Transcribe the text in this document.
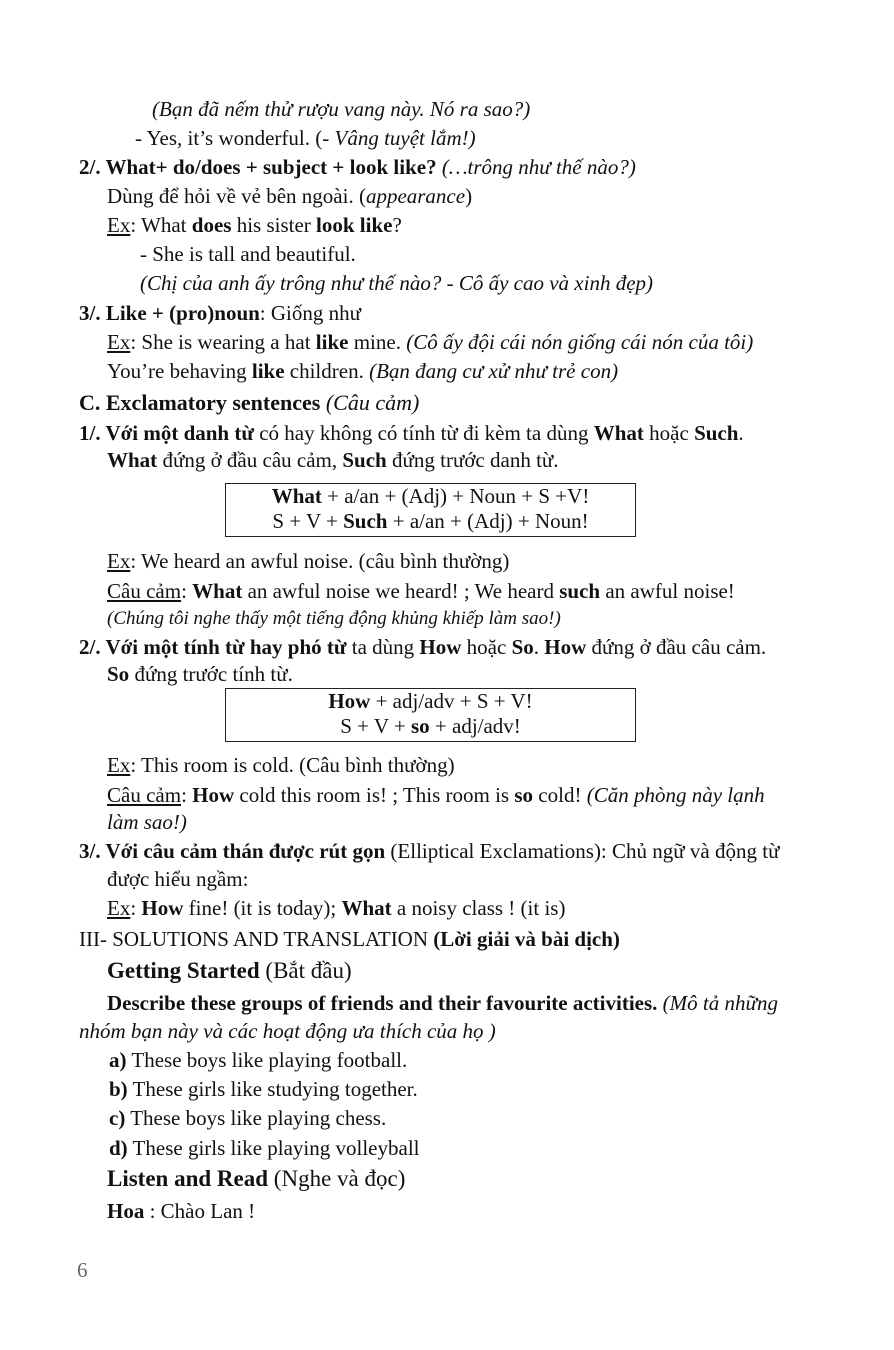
(Bạn đã nếm thử rượu vang này. Nó ra sao?)
- Yes, it’s wonderful. (- Vâng tuyệt lắm!)
2/. What+ do/does + subject + look like? (…trông như thế nào?)
Dùng để hỏi về vẻ bên ngoài. (appearance)
Ex: What does his sister look like?
- She is tall and beautiful.
(Chị của anh ấy trông như thế nào? - Cô ấy cao và xinh đẹp)
3/. Like + (pro)noun: Giống như
Ex: She is wearing a hat like mine. (Cô ấy đội cái nón giống cái nón của tôi)
You’re behaving like children. (Bạn đang cư xử như trẻ con)
C. Exclamatory sentences (Câu cảm)
1/. Với một danh từ có hay không có tính từ đi kèm ta dùng What hoặc Such.
What đứng ở đầu câu cảm, Such đứng trước danh từ.
What + a/an + (Adj) + Noun + S +V!
S + V + Such + a/an + (Adj) + Noun!
Ex: We heard an awful noise. (câu bình thường)
Câu cảm: What an awful noise we heard! ; We heard such an awful noise!
(Chúng tôi nghe thấy một tiếng động khủng khiếp làm sao!)
2/. Với một tính từ hay phó từ ta dùng How hoặc So. How đứng ở đầu câu cảm.
So đứng trước tính từ.
How + adj/adv + S + V!
S + V + so + adj/adv!
Ex: This room is cold. (Câu bình thường)
Câu cảm: How cold this room is! ; This room is so cold! (Căn phòng này lạnh
làm sao!)
3/. Với câu cảm thán được rút gọn (Elliptical Exclamations): Chủ ngữ và động từ
được hiểu ngầm:
Ex: How fine! (it is today); What a noisy class ! (it is)
III- SOLUTIONS AND TRANSLATION (Lời giải và bài dịch)
Getting Started (Bắt đầu)
Describe these groups of friends and their favourite activities. (Mô tả những
nhóm bạn này và các hoạt động ưa thích của họ )
a) These boys like playing football.
b) These girls like studying together.
c) These boys like playing chess.
d) These girls like playing volleyball
Listen and Read (Nghe và đọc)
Hoa : Chào Lan !
6
